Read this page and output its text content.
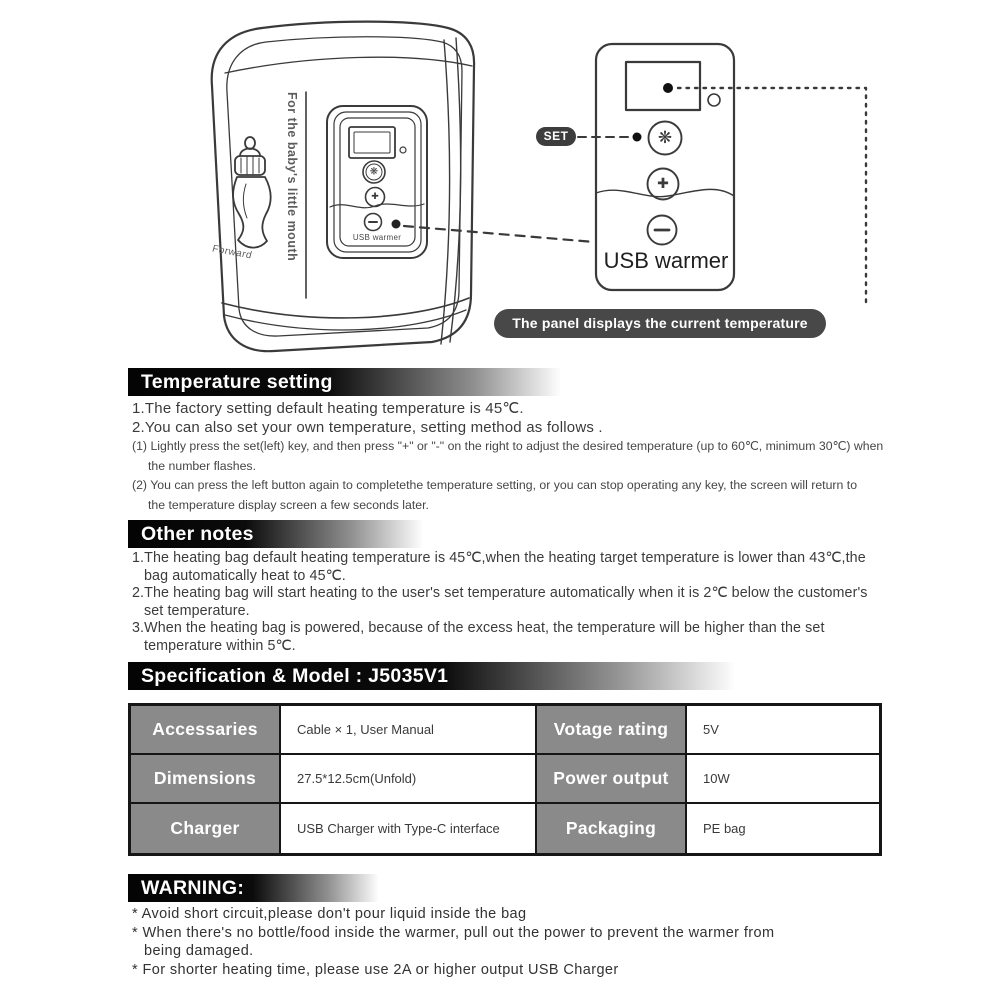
❋
✚
❋
✚
For the baby's little mouth
Forward
USB warmer
SET
USB warmer
The panel displays the current temperature
Temperature setting
1.The factory setting default heating temperature is 45℃.
2.You can also set your own temperature, setting method as follows .
(1) Lightly press the set(left) key, and then press "+" or "-" on the right to adjust the desired temperature (up to 60℃, minimum 30℃) when
the number flashes.
(2) You can press the left button again to completethe temperature setting, or you can stop operating any key, the screen will return to
the temperature display screen a few seconds later.
Other notes
1.The heating bag default heating temperature is 45℃,when the heating target temperature is lower than 43℃,the
bag automatically heat to 45℃.
2.The heating bag will start heating to the user's set temperature automatically when it is 2℃ below the customer's
set temperature.
3.When the heating bag is powered, because of the excess heat, the temperature will be higher than the set
temperature within 5℃.
Specification & Model : J5035V1
Accessaries	Cable × 1, User Manual	Votage rating	5V
Dimensions	27.5*12.5cm(Unfold)	Power output	10W
Charger	USB Charger with Type-C interface	Packaging	PE bag
WARNING:
* Avoid short circuit,please don't pour liquid inside the bag
* When there's no bottle/food inside the warmer, pull out the power to prevent the warmer from
being damaged.
* For shorter heating time, please use 2A or higher output USB Charger
